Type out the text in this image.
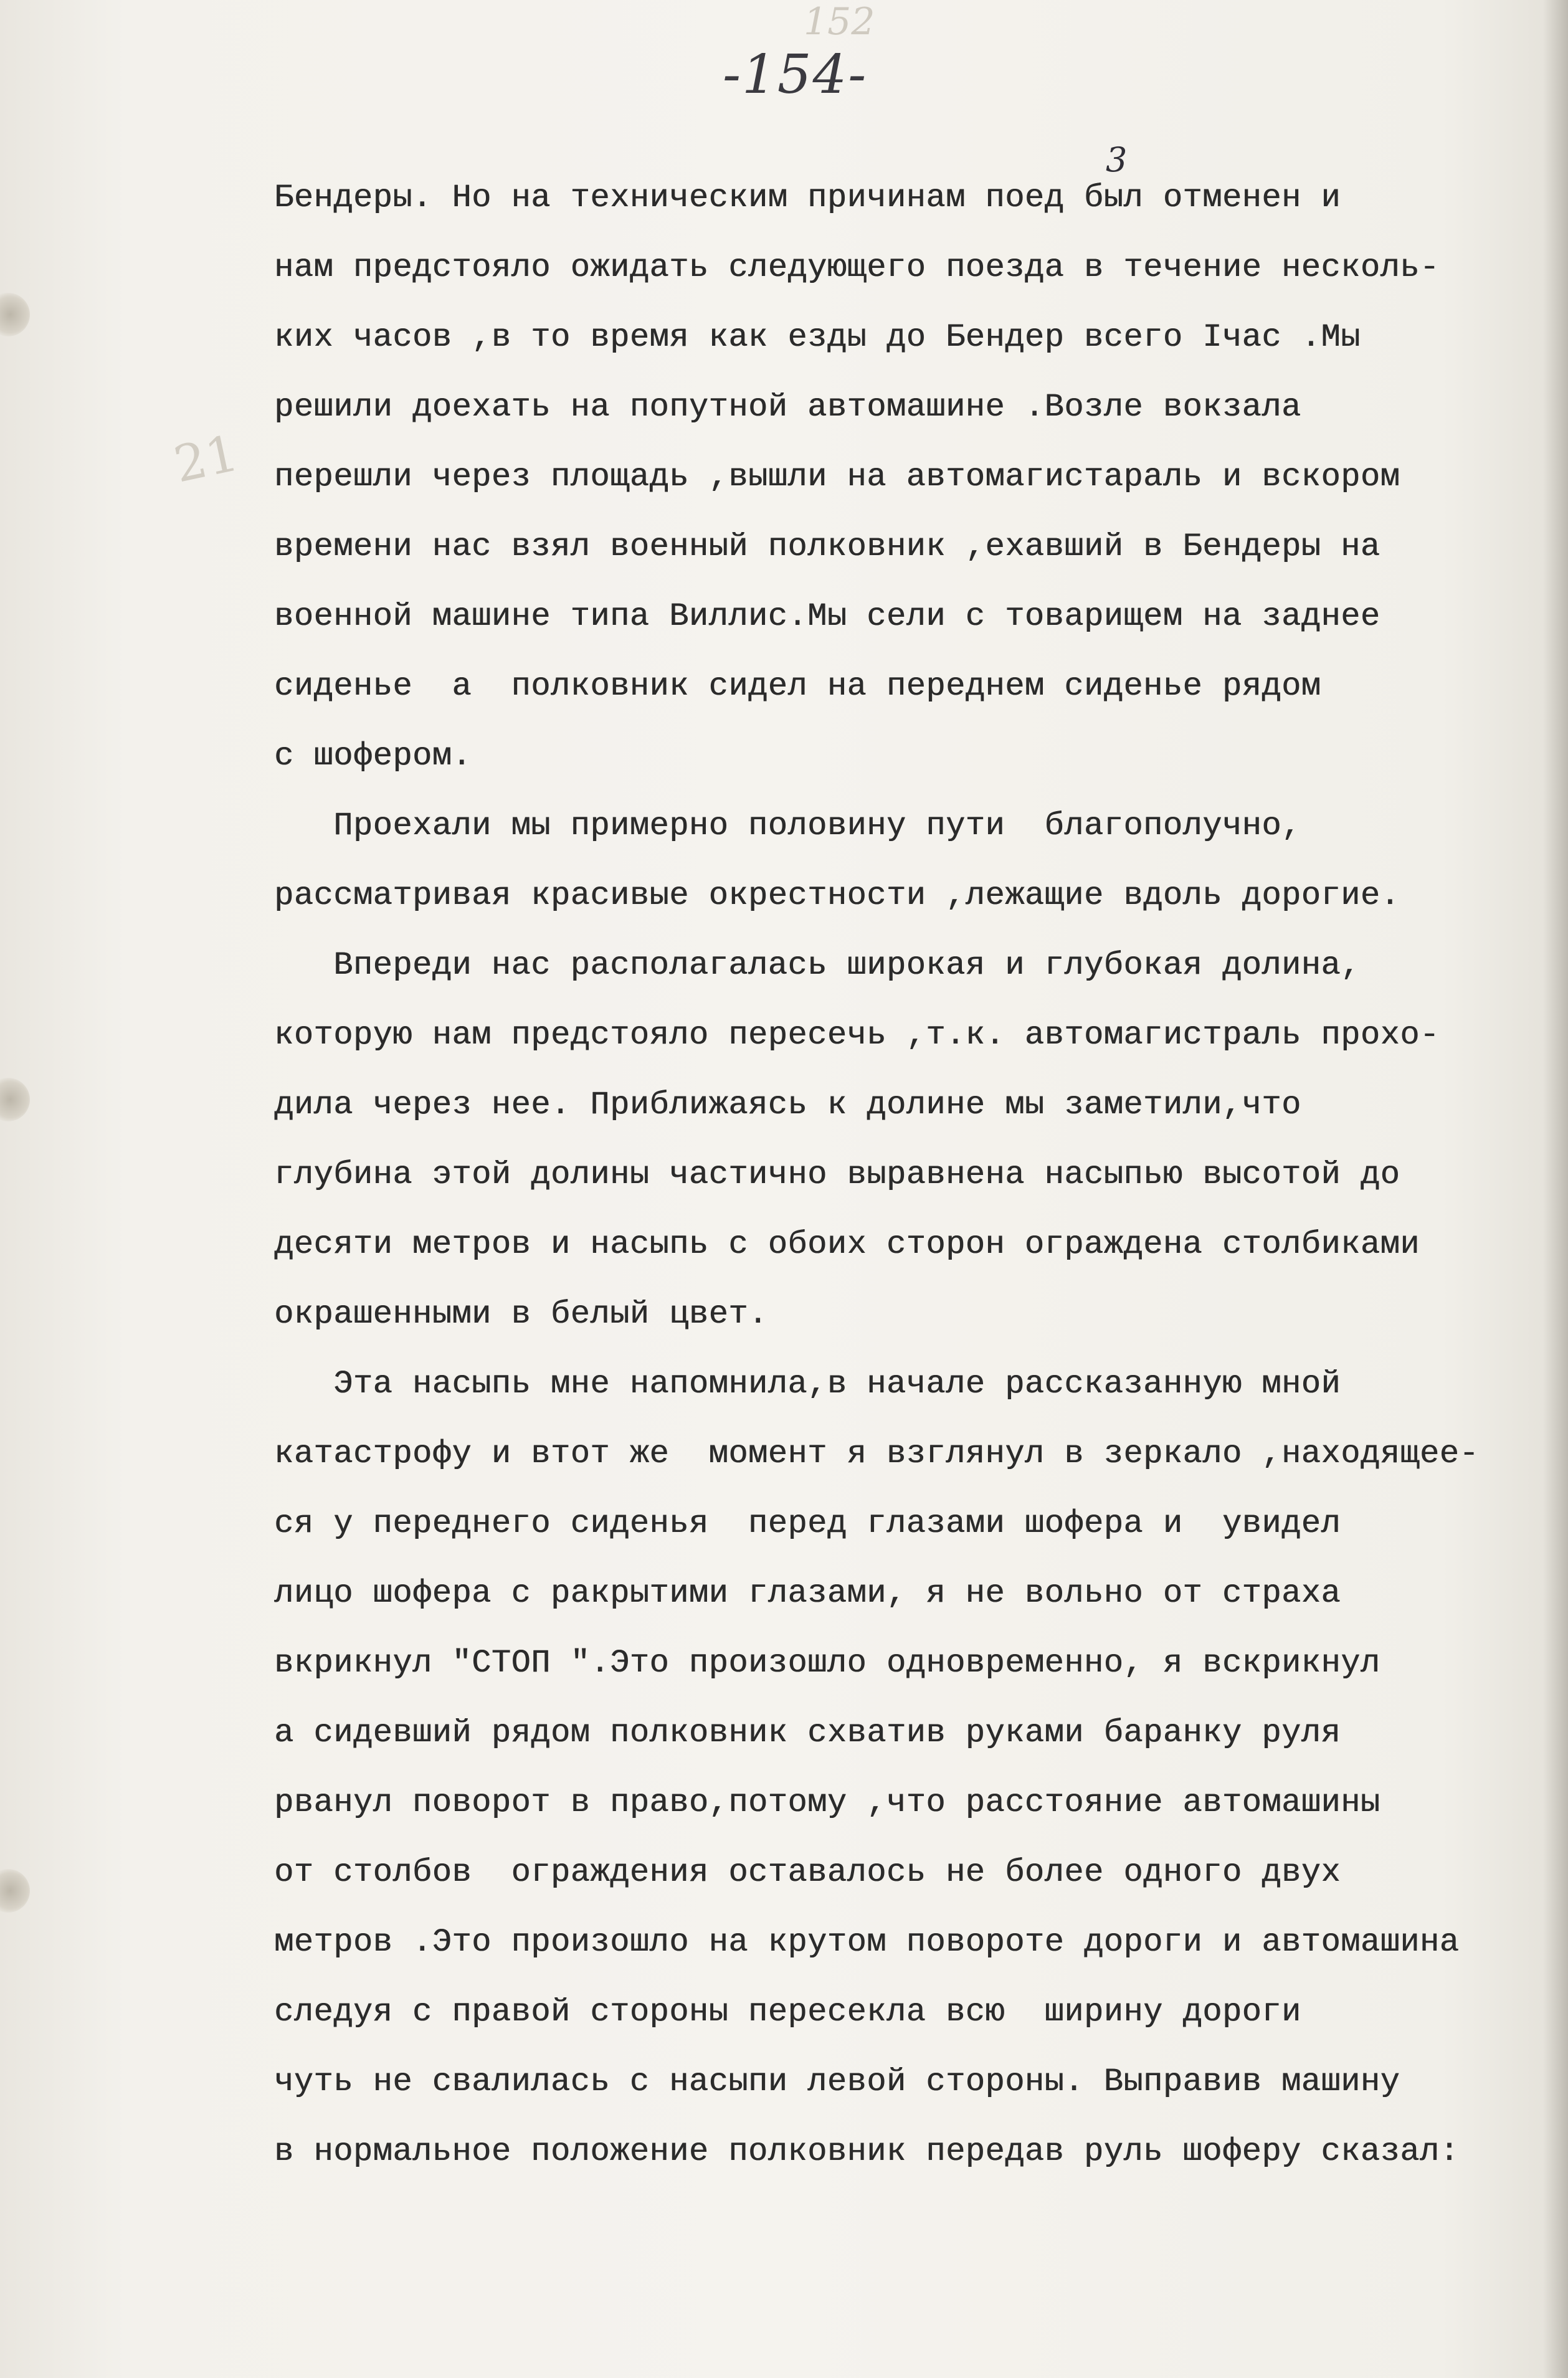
152
-154-
21
3
Бендеры. Но на техническим причинам поед был отменен и
нам предстояло ожидать следующего поезда в течение несколь-
ких часов ,в то время как езды до Бендер всего Iчас .Мы
решили доехать на попутной автомашине .Возле вокзала
перешли через площадь ,вышли на автомагистараль и вскором
времени нас взял военный полковник ,ехавший в Бендеры на
военной машине типа Виллис.Мы сели с товарищем на заднее
сиденье  а  полковник сидел на переднем сиденье рядом
с шофером.
Проехали мы примерно половину пути  благополучно,
рассматривая красивые окрестности ,лежащие вдоль дорогие.
Впереди нас располагалась широкая и глубокая долина,
которую нам предстояло пересечь ,т.к. автомагистраль прохо-
дила через нее. Приближаясь к долине мы заметили,что
глубина этой долины частично выравнена насыпью высотой до
десяти метров и насыпь с обоих сторон ограждена столбиками
окрашенными в белый цвет.
Эта насыпь мне напомнила,в начале рассказанную мной
катастрофу и втот же  момент я взглянул в зеркало ,находящее-
ся у переднего сиденья  перед глазами шофера и  увидел
лицо шофера с ракрытими глазами, я не вольно от страха
вкрикнул "СТОП ".Это произошло одновременно, я вскрикнул
а сидевший рядом полковник схватив руками баранку руля
рванул поворот в право,потому ,что расстояние автомашины
от столбов  ограждения оставалось не более одного двух
метров .Это произошло на крутом повороте дороги и автомашина
следуя с правой стороны пересекла всю  ширину дороги
чуть не свалилась с насыпи левой стороны. Выправив машину
в нормальное положение полковник передав руль шоферу сказал:
